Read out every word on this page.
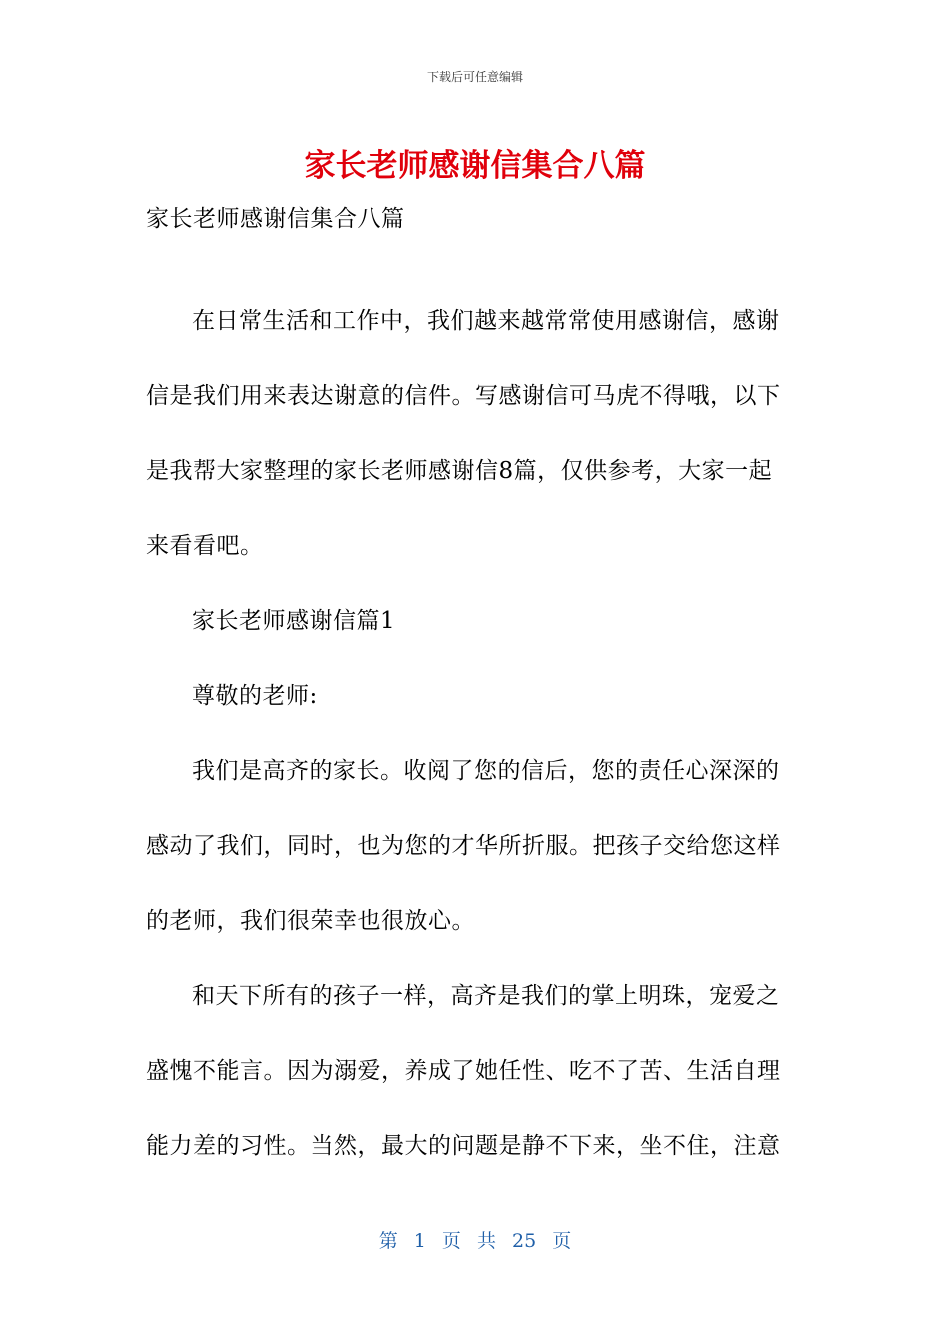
下载后可任意编辑
家长老师感谢信集合八篇

家长老师感谢信集合八篇

在日常生活和工作中，我们越来越常常使用感谢信，感谢信是我们用来表达谢意的信件。写感谢信可马虎不得哦，以下是我帮大家整理的家长老师感谢信8篇，仅供参考，大家一起来看看吧。

家长老师感谢信篇1

尊敬的老师:

我们是高齐的家长。收阅了您的信后，您的责任心深深的感动了我们，同时，也为您的才华所折服。把孩子交给您这样的老师，我们很荣幸也很放心。

和天下所有的孩子一样，高齐是我们的掌上明珠，宠爱之盛愧不能言。因为溺爱，养成了她任性、吃不了苦、生活自理能力差的习性。当然，最大的问题是静不下来，坐不住，注意

第 1 页 共 25 页
